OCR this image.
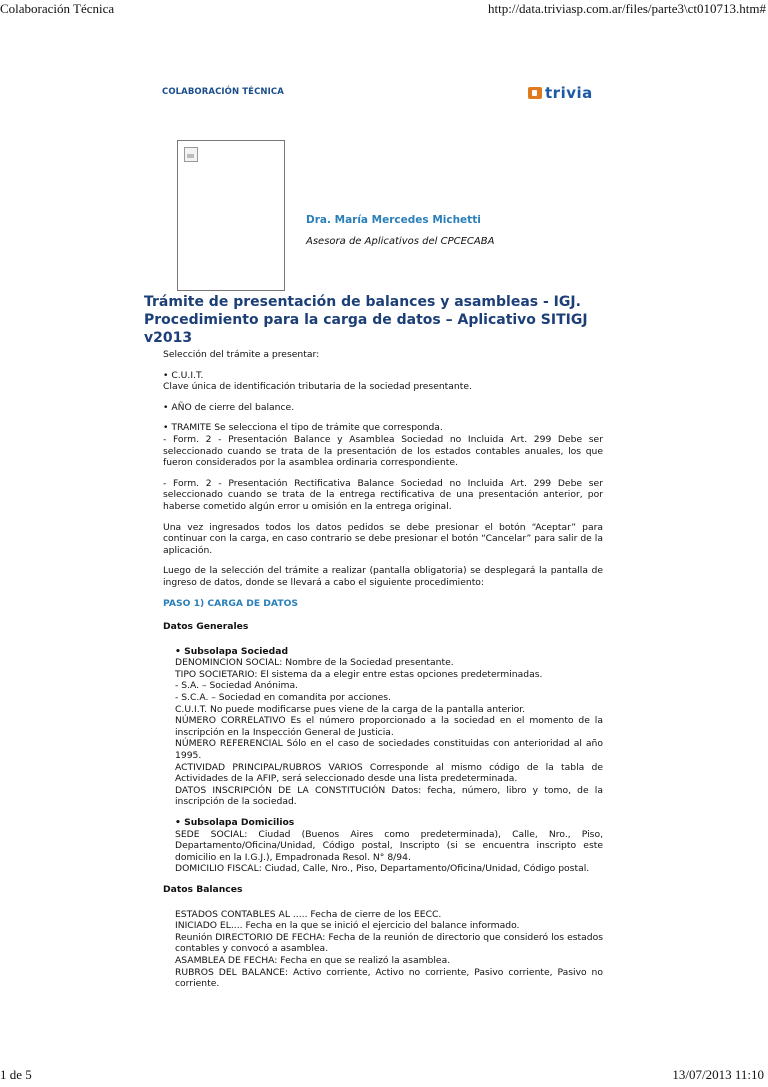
Colaboración Técnica	http://data.triviasp.com.ar/files/parte3\ct010713.htm#
COLABORACIÓN TÉCNICA	trivia
Dra. María Mercedes Michetti
Asesora de Aplicativos del CPCECABA
Trámite de presentación de balances y asambleas - IGJ. Procedimiento para la carga de datos – Aplicativo SITIGJ v2013

Selección del trámite a presentar:

• C.U.I.T.
Clave única de identificación tributaria de la sociedad presentante.

• AÑO de cierre del balance.

• TRAMITE Se selecciona el tipo de trámite que corresponda.
- Form. 2 - Presentación Balance y Asamblea Sociedad no Incluida Art. 299 Debe ser seleccionado cuando se trata de la presentación de los estados contables anuales, los que fueron considerados por la asamblea ordinaria correspondiente.

- Form. 2 - Presentación Rectificativa Balance Sociedad no Incluida Art. 299 Debe ser seleccionado cuando se trata de la entrega rectificativa de una presentación anterior, por haberse cometido algún error u omisión en la entrega original.

Una vez ingresados todos los datos pedidos se debe presionar el botón “Aceptar” para continuar con la carga, en caso contrario se debe presionar el botón “Cancelar” para salir de la aplicación.

Luego de la selección del trámite a realizar (pantalla obligatoria) se desplegará la pantalla de ingreso de datos, donde se llevará a cabo el siguiente procedimiento:

PASO 1) CARGA DE DATOS

Datos Generales

• Subsolapa Sociedad
DENOMINCION SOCIAL: Nombre de la Sociedad presentante.
TIPO SOCIETARIO: El sistema da a elegir entre estas opciones predeterminadas.
- S.A. – Sociedad Anónima.
- S.C.A. – Sociedad en comandita por acciones.
C.U.I.T. No puede modificarse pues viene de la carga de la pantalla anterior.
NÚMERO CORRELATIVO Es el número proporcionado a la sociedad en el momento de la inscripción en la Inspección General de Justicia.
NÚMERO REFERENCIAL Sólo en el caso de sociedades constituidas con anterioridad al año 1995.
ACTIVIDAD PRINCIPAL/RUBROS VARIOS Corresponde al mismo código de la tabla de Actividades de la AFIP, será seleccionado desde una lista predeterminada.
DATOS INSCRIPCIÓN DE LA CONSTITUCIÓN Datos: fecha, número, libro y tomo, de la inscripción de la sociedad.

• Subsolapa Domicilios
SEDE SOCIAL: Ciudad (Buenos Aires como predeterminada), Calle, Nro., Piso, Departamento/Oficina/Unidad, Código postal, Inscripto (si se encuentra inscripto este domicilio en la I.G.J.), Empadronada Resol. N° 8/94.
DOMICILIO FISCAL: Ciudad, Calle, Nro., Piso, Departamento/Oficina/Unidad, Código postal.

Datos Balances

ESTADOS CONTABLES AL ..... Fecha de cierre de los EECC.
INICIADO EL.... Fecha en la que se inició el ejercicio del balance informado.
Reunión DIRECTORIO DE FECHA: Fecha de la reunión de directorio que consideró los estados contables y convocó a asamblea.
ASAMBLEA DE FECHA: Fecha en que se realizó la asamblea.
RUBROS DEL BALANCE: Activo corriente, Activo no corriente, Pasivo corriente, Pasivo no corriente.

1 de 5	13/07/2013 11:10
